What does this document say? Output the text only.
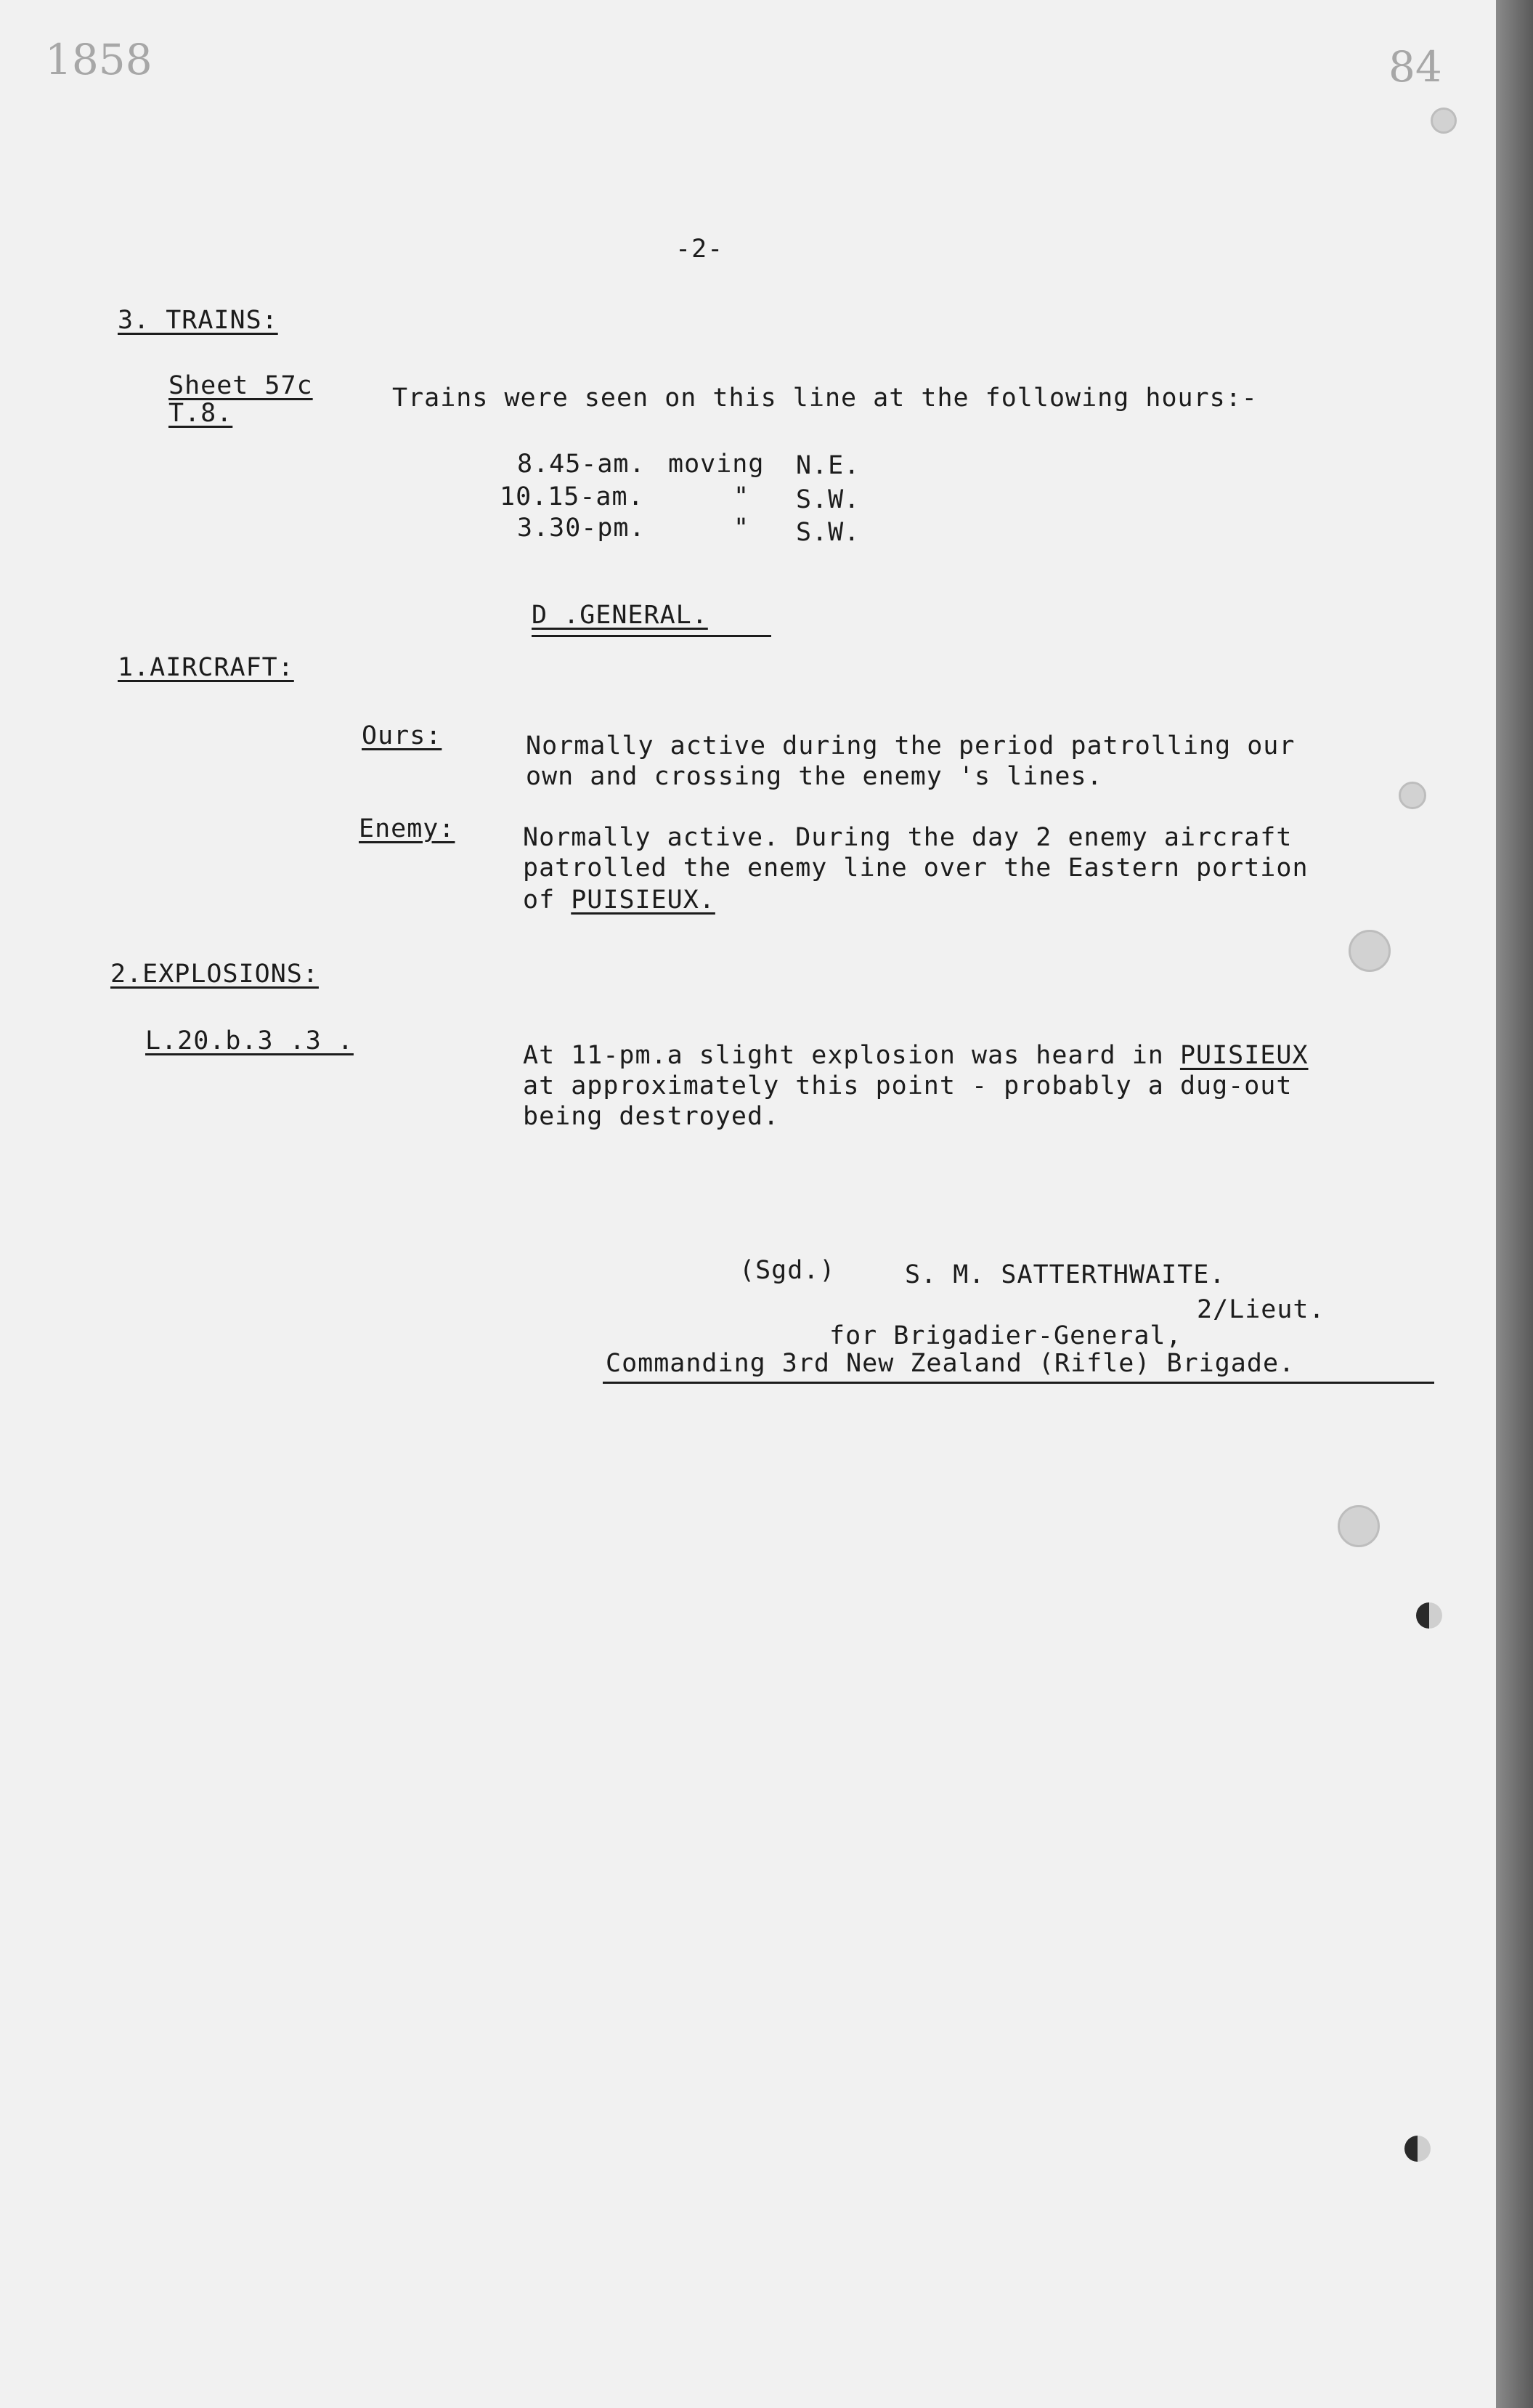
1858	84
-2-
3. TRAINS:
Sheet 57c
T.8.
Trains were seen on this line at the following hours:-
8.45-am. moving N.E.
10.15-am.	" S.W.
3.30-pm.	" S.W.
D .GENERAL.
1.AIRCRAFT:
Ours:	Normally active during the period patrolling our
own and crossing the enemy 's lines.
Enemy:	Normally active. During the day 2 enemy aircraft
patrolled the enemy line over the Eastern portion
of PUISIEUX.
2.EXPLOSIONS:
L.20.b.3 .3 .	At 11-pm.a slight explosion was heard in PUISIEUX
at approximately this point - probably a dug-out
being destroyed.
(Sgd.)	S. M. SATTERTHWAITE.
2/Lieut.
for Brigadier-General,
Commanding 3rd New Zealand (Rifle) Brigade.
